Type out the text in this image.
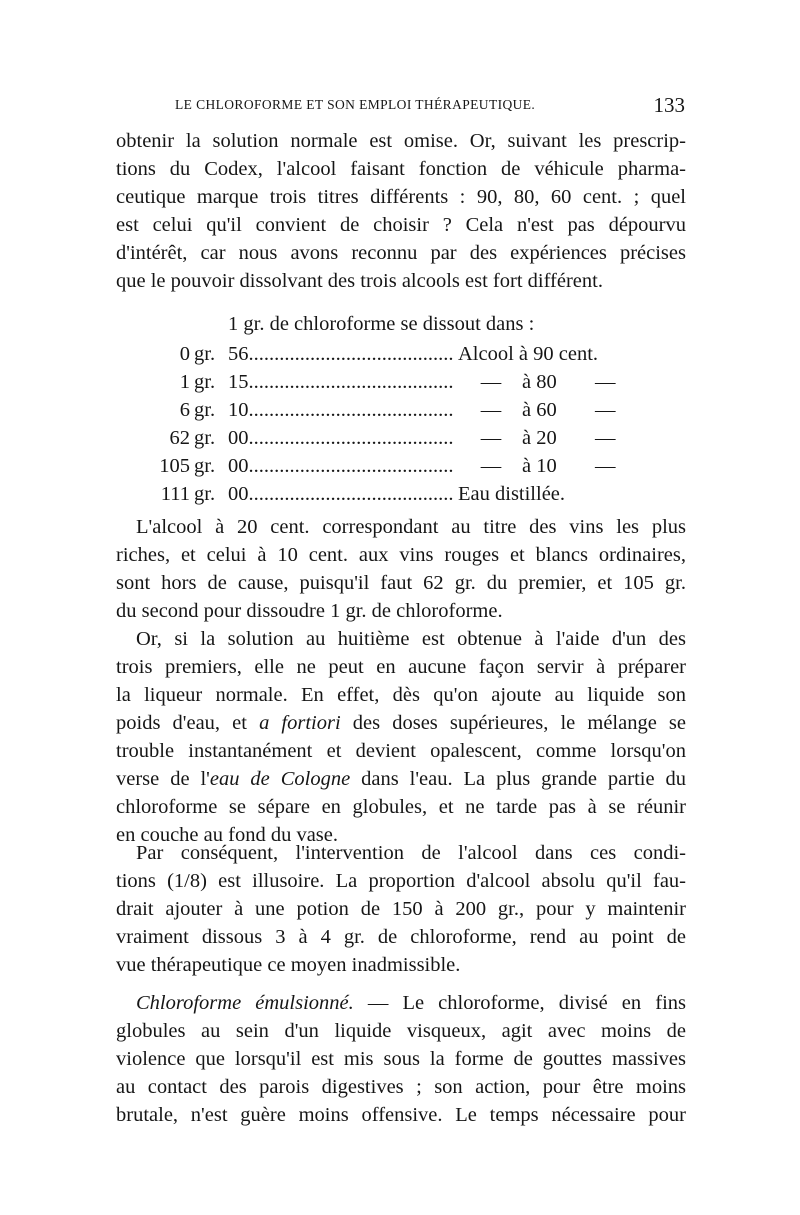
LE CHLOROFORME ET SON EMPLOI THÉRAPEUTIQUE.	133
obtenir la solution normale est omise. Or, suivant les prescrip-
tions du Codex, l'alcool faisant fonction de véhicule pharma-
ceutique marque trois titres différents : 90, 80, 60 cent. ; quel
est celui qu'il convient de choisir ? Cela n'est pas dépourvu
d'intérêt, car nous avons reconnu par des expériences précises
que le pouvoir dissolvant des trois alcools est fort différent.
1 gr. de chloroforme se dissout dans :
0 gr. 56........................................ Alcool à 90 cent.
1 gr. 15........................................ — à 80 —
6 gr. 10........................................ — à 60 —
62 gr. 00........................................ — à 20 —
105 gr. 00........................................ — à 10 —
111 gr. 00........................................ Eau distillée.
L'alcool à 20 cent. correspondant au titre des vins les plus
riches, et celui à 10 cent. aux vins rouges et blancs ordinaires,
sont hors de cause, puisqu'il faut 62 gr. du premier, et 105 gr.
du second pour dissoudre 1 gr. de chloroforme.
Or, si la solution au huitième est obtenue à l'aide d'un des
trois premiers, elle ne peut en aucune façon servir à préparer
la liqueur normale. En effet, dès qu'on ajoute au liquide son
poids d'eau, et a fortiori des doses supérieures, le mélange se
trouble instantanément et devient opalescent, comme lorsqu'on
verse de l'eau de Cologne dans l'eau. La plus grande partie du
chloroforme se sépare en globules, et ne tarde pas à se réunir
en couche au fond du vase.
Par conséquent, l'intervention de l'alcool dans ces condi-
tions (1/8) est illusoire. La proportion d'alcool absolu qu'il fau-
drait ajouter à une potion de 150 à 200 gr., pour y maintenir
vraiment dissous 3 à 4 gr. de chloroforme, rend au point de
vue thérapeutique ce moyen inadmissible.
Chloroforme émulsionné. — Le chloroforme, divisé en fins
globules au sein d'un liquide visqueux, agit avec moins de
violence que lorsqu'il est mis sous la forme de gouttes massives
au contact des parois digestives ; son action, pour être moins
brutale, n'est guère moins offensive. Le temps nécessaire pour
